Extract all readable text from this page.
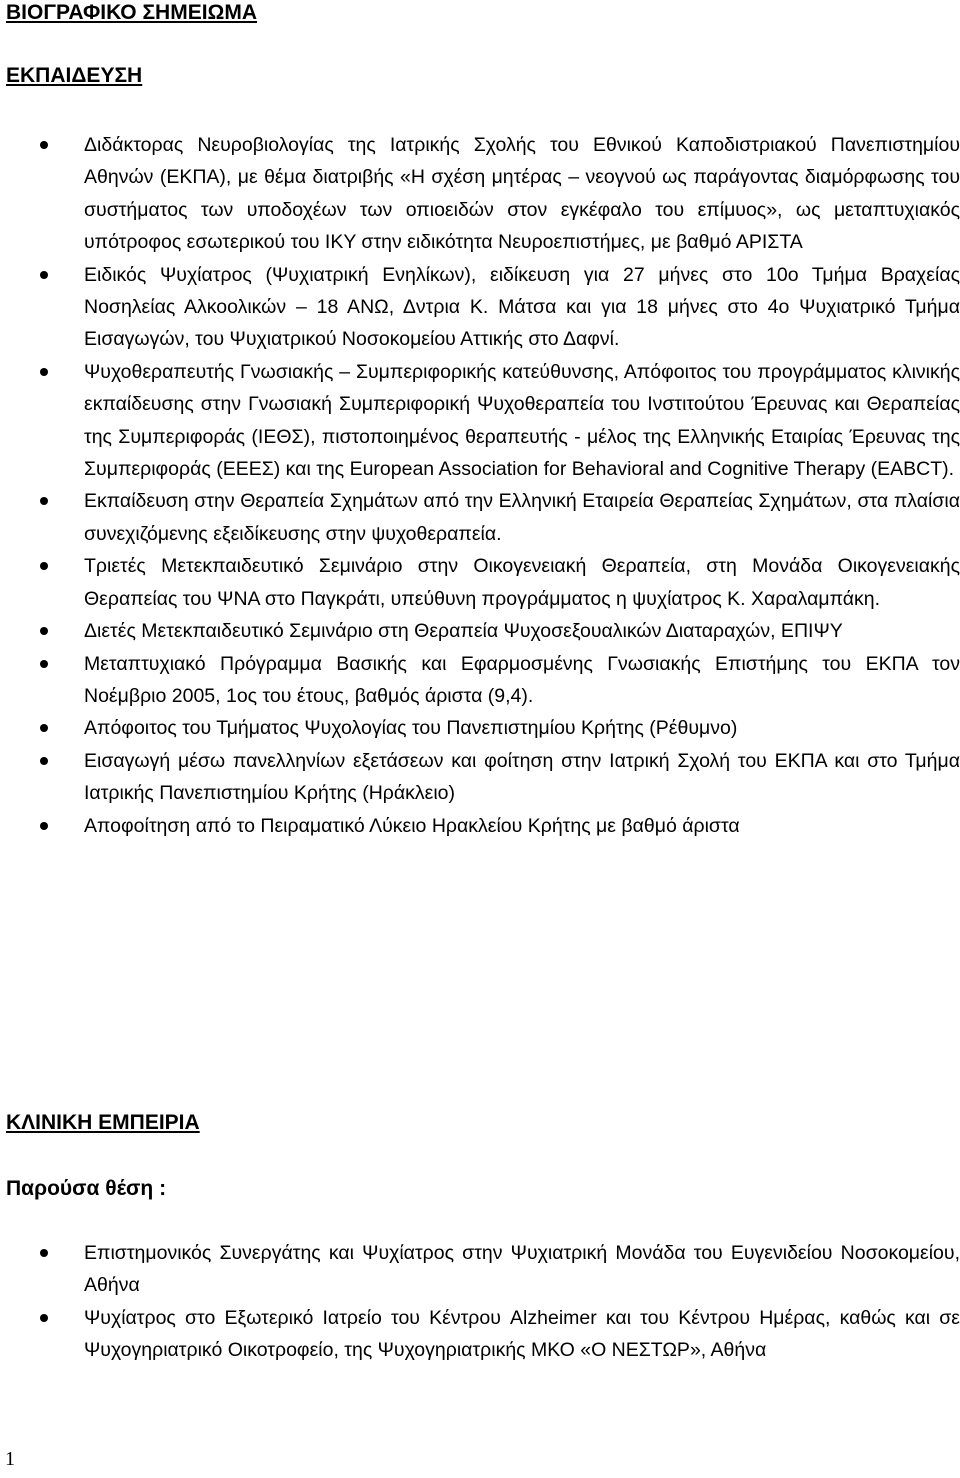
ΒΙΟΓΡΑΦΙΚΟ ΣΗΜΕΙΩΜΑ
ΕΚΠΑΙΔΕΥΣΗ
Διδάκτορας Νευροβιολογίας της Ιατρικής Σχολής του Εθνικού Καποδιστριακού Πανεπιστημίου Αθηνών (ΕΚΠΑ), με θέμα διατριβής «Η σχέση μητέρας – νεογνού ως παράγοντας διαμόρφωσης του συστήματος των υποδοχέων των οπιοειδών στον εγκέφαλο του επίμυος», ως μεταπτυχιακός υπότροφος εσωτερικού του ΙΚΥ στην ειδικότητα Νευροεπιστήμες, με βαθμό ΑΡΙΣΤΑ
Ειδικός Ψυχίατρος (Ψυχιατρική Ενηλίκων), ειδίκευση για 27 μήνες στο 10ο Τμήμα Βραχείας Νοσηλείας Αλκοολικών – 18 ΑΝΩ, Δντρια Κ. Μάτσα και για 18 μήνες στο 4ο Ψυχιατρικό Τμήμα Εισαγωγών, του Ψυχιατρικού Νοσοκομείου Αττικής στο Δαφνί.
Ψυχοθεραπευτής Γνωσιακής – Συμπεριφορικής κατεύθυνσης, Απόφοιτος του προγράμματος κλινικής εκπαίδευσης στην Γνωσιακή Συμπεριφορική Ψυχοθεραπεία του Ινστιτούτου Έρευνας και Θεραπείας της Συμπεριφοράς (ΙΕΘΣ), πιστοποιημένος θεραπευτής - μέλος της Ελληνικής Εταιρίας Έρευνας της Συμπεριφοράς (ΕΕΕΣ) και της European Association for Behavioral and Cognitive Therapy (EABCT).
Εκπαίδευση στην Θεραπεία Σχημάτων από την Ελληνική Εταιρεία Θεραπείας Σχημάτων, στα πλαίσια συνεχιζόμενης εξειδίκευσης στην ψυχοθεραπεία.
Τριετές Μετεκπαιδευτικό Σεμινάριο στην Οικογενειακή Θεραπεία, στη Μονάδα Οικογενειακής Θεραπείας του ΨΝΑ στο Παγκράτι, υπεύθυνη προγράμματος η ψυχίατρος Κ. Χαραλαμπάκη.
Διετές Μετεκπαιδευτικό Σεμινάριο στη Θεραπεία Ψυχοσεξουαλικών Διαταραχών, ΕΠΙΨΥ
Μεταπτυχιακό Πρόγραμμα Βασικής και Εφαρμοσμένης Γνωσιακής Επιστήμης του ΕΚΠΑ τον Νοέμβριο 2005, 1ος του έτους, βαθμός άριστα (9,4).
Απόφοιτος του Τμήματος Ψυχολογίας του Πανεπιστημίου Κρήτης (Ρέθυμνο)
Εισαγωγή μέσω πανελληνίων εξετάσεων και φοίτηση στην Ιατρική Σχολή του ΕΚΠΑ και στο Τμήμα Ιατρικής Πανεπιστημίου Κρήτης (Ηράκλειο)
Αποφοίτηση από το Πειραματικό Λύκειο Ηρακλείου Κρήτης με βαθμό άριστα
ΚΛΙΝΙΚΗ ΕΜΠΕΙΡΙΑ
Παρούσα θέση :
Επιστημονικός Συνεργάτης και Ψυχίατρος στην Ψυχιατρική Μονάδα του Ευγενιδείου Νοσοκομείου, Αθήνα
Ψυχίατρος στο Εξωτερικό Ιατρείο του Κέντρου Alzheimer και του Κέντρου Ημέρας, καθώς και σε Ψυχογηριατρικό Οικοτροφείο, της Ψυχογηριατρικής ΜΚΟ «Ο ΝΕΣΤΩΡ», Αθήνα
1
